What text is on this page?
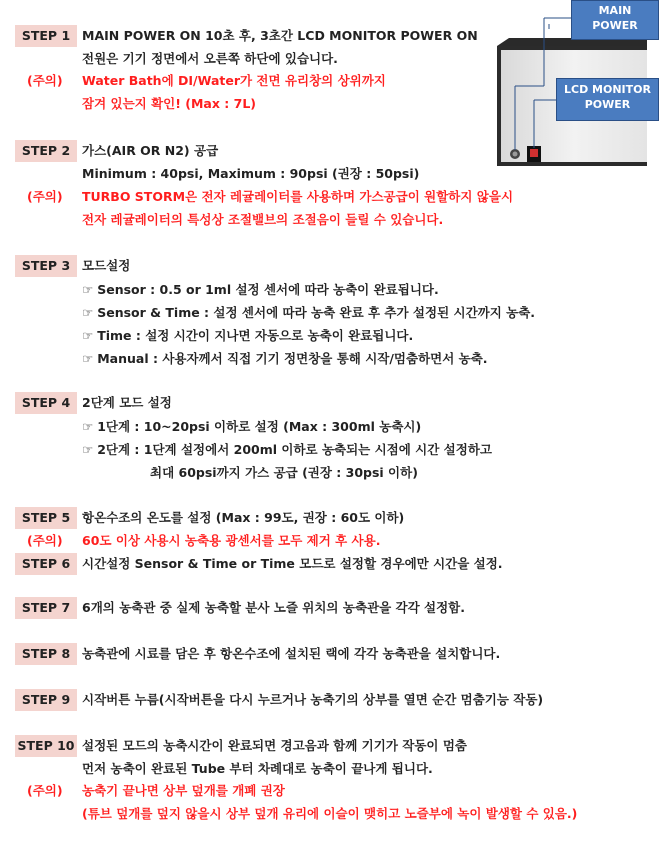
STEP 1 MAIN POWER ON 10초 후, 3초간 LCD MONITOR POWER ON
전원은 기기 정면에서 오른쪽 하단에 있습니다.
(주의) Water Bath에 DI/Water가 전면 유리창의 상위까지
잠겨 있는지 확인! (Max : 7L)
MAIN
POWER
LCD MONITOR
POWER
STEP 2 가스(AIR OR N2) 공급
Minimum : 40psi, Maximum : 90psi (권장 : 50psi)
(주의) TURBO STORM은 전자 레귤레이터를 사용하며 가스공급이 원할하지 않을시
전자 레귤레이터의 특성상 조절밸브의 조절음이 들릴 수 있습니다.
STEP 3 모드설정
☞ Sensor : 0.5 or 1ml 설정 센서에 따라 농축이 완료됩니다.
☞ Sensor & Time : 설정 센서에 따라 농축 완료 후 추가 설정된 시간까지 농축.
☞ Time : 설정 시간이 지나면 자동으로 농축이 완료됩니다.
☞ Manual : 사용자께서 직접 기기 정면창을 통해 시작/멈춤하면서 농축.
STEP 4 2단계 모드 설정
☞ 1단계 : 10~20psi 이하로 설정 (Max : 300ml 농축시)
☞ 2단계 : 1단계 설정에서 200ml 이하로 농축되는 시점에 시간 설정하고
최대 60psi까지 가스 공급 (권장 : 30psi 이하)
STEP 5 항온수조의 온도를 설정 (Max : 99도, 권장 : 60도 이하)
(주의) 60도 이상 사용시 농축용 광센서를 모두 제거 후 사용.
STEP 6 시간설정 Sensor & Time or Time 모드로 설정할 경우에만 시간을 설정.
STEP 7 6개의 농축관 중 실제 농축할 분사 노즐 위치의 농축관을 각각 설정함.
STEP 8 농축관에 시료를 담은 후 항온수조에 설치된 랙에 각각 농축관을 설치합니다.
STEP 9 시작버튼 누름(시작버튼을 다시 누르거나 농축기의 상부를 열면 순간 멈춤기능 작동)
STEP 10 설정된 모드의 농축시간이 완료되면 경고음과 함께 기기가 작동이 멈춤
먼저 농축이 완료된 Tube 부터 차례대로 농축이 끝나게 됩니다.
(주의) 농축기 끝나면 상부 덮개를 개폐 권장
(튜브 덮개를 덮지 않을시 상부 덮개 유리에 이슬이 맺히고 노즐부에 녹이 발생할 수 있음.)
